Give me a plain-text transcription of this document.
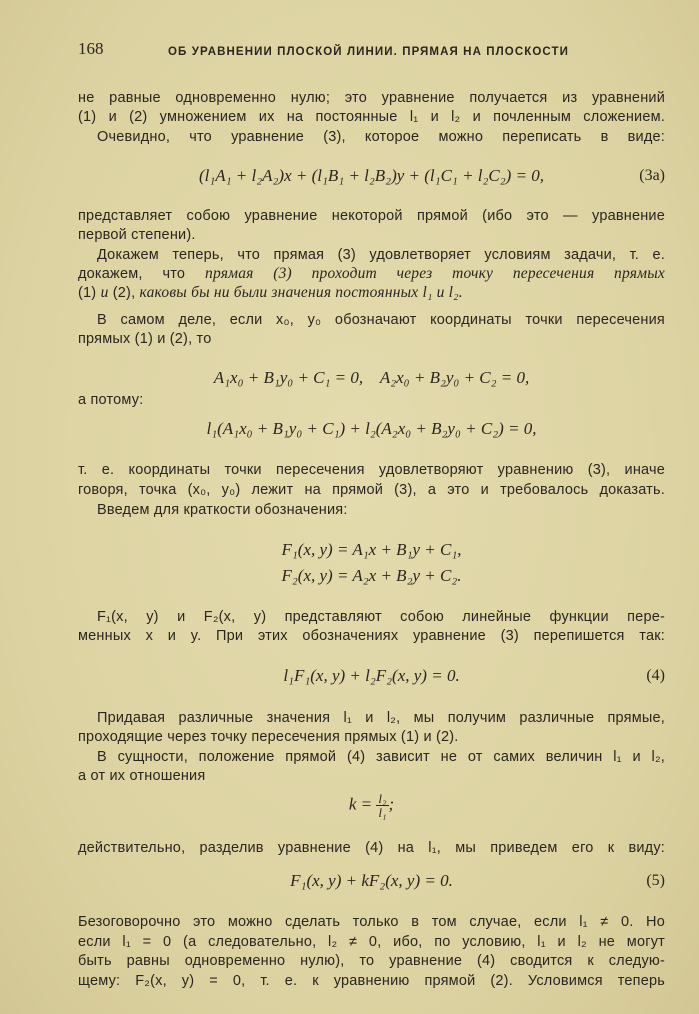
168	ОБ УРАВНЕНИИ ПЛОСКОЙ ЛИНИИ. ПРЯМАЯ НА ПЛОСКОСТИ
не равные одновременно нулю; это уравнение получается из уравнений
(1) и (2) умножением их на постоянные l₁ и l₂ и почленным сложением.
Очевидно, что уравнение (3), которое можно переписать в виде:
(l₁A₁ + l₂A₂)x + (l₁B₁ + l₂B₂)y + (l₁C₁ + l₂C₂) = 0,	(3а)
представляет собою уравнение некоторой прямой (ибо это — уравнение
первой степени).
Докажем теперь, что прямая (3) удовлетворяет условиям задачи, т. е.
докажем, что прямая (3) проходит через точку пересечения прямых
(1) и (2), каковы бы ни были значения постоянных l₁ и l₂.
В самом деле, если x₀, y₀ обозначают координаты точки пересечения
прямых (1) и (2), то
A₁x₀ + B₁y₀ + C₁ = 0,    A₂x₀ + B₂y₀ + C₂ = 0,
а потому:
l₁(A₁x₀ + B₁y₀ + C₁) + l₂(A₂x₀ + B₂y₀ + C₂) = 0,
т. е. координаты точки пересечения удовлетворяют уравнению (3), иначе
говоря, точка (x₀, y₀) лежит на прямой (3), а это и требовалось доказать.
Введем для краткости обозначения:
F₁(x, y) = A₁x + B₁y + C₁,
F₂(x, y) = A₂x + B₂y + C₂.
F₁(x, y) и F₂(x, y) представляют собою линейные функции пере-
менных x и y. При этих обозначениях уравнение (3) перепишется так:
l₁F₁(x, y) + l₂F₂(x, y) = 0.	(4)
Придавая различные значения l₁ и l₂, мы получим различные прямые,
проходящие через точку пересечения прямых (1) и (2).
В сущности, положение прямой (4) зависит не от самих величин l₁ и l₂,
а от их отношения
$k = \frac{\text{l₂}}{\text{l₁}}$ ;
действительно, разделив уравнение (4) на l₁, мы приведем его к виду:
F₁(x, y) + kF₂(x, y) = 0.	(5)
Безоговорочно это можно сделать только в том случае, если l₁ ≠ 0. Но
если l₁ = 0 (а следовательно, l₂ ≠ 0, ибо, по условию, l₁ и l₂ не могут
быть равны одновременно нулю), то уравнение (4) сводится к следую-
щему: F₂(x, y) = 0, т. е. к уравнению прямой (2). Условимся теперь
